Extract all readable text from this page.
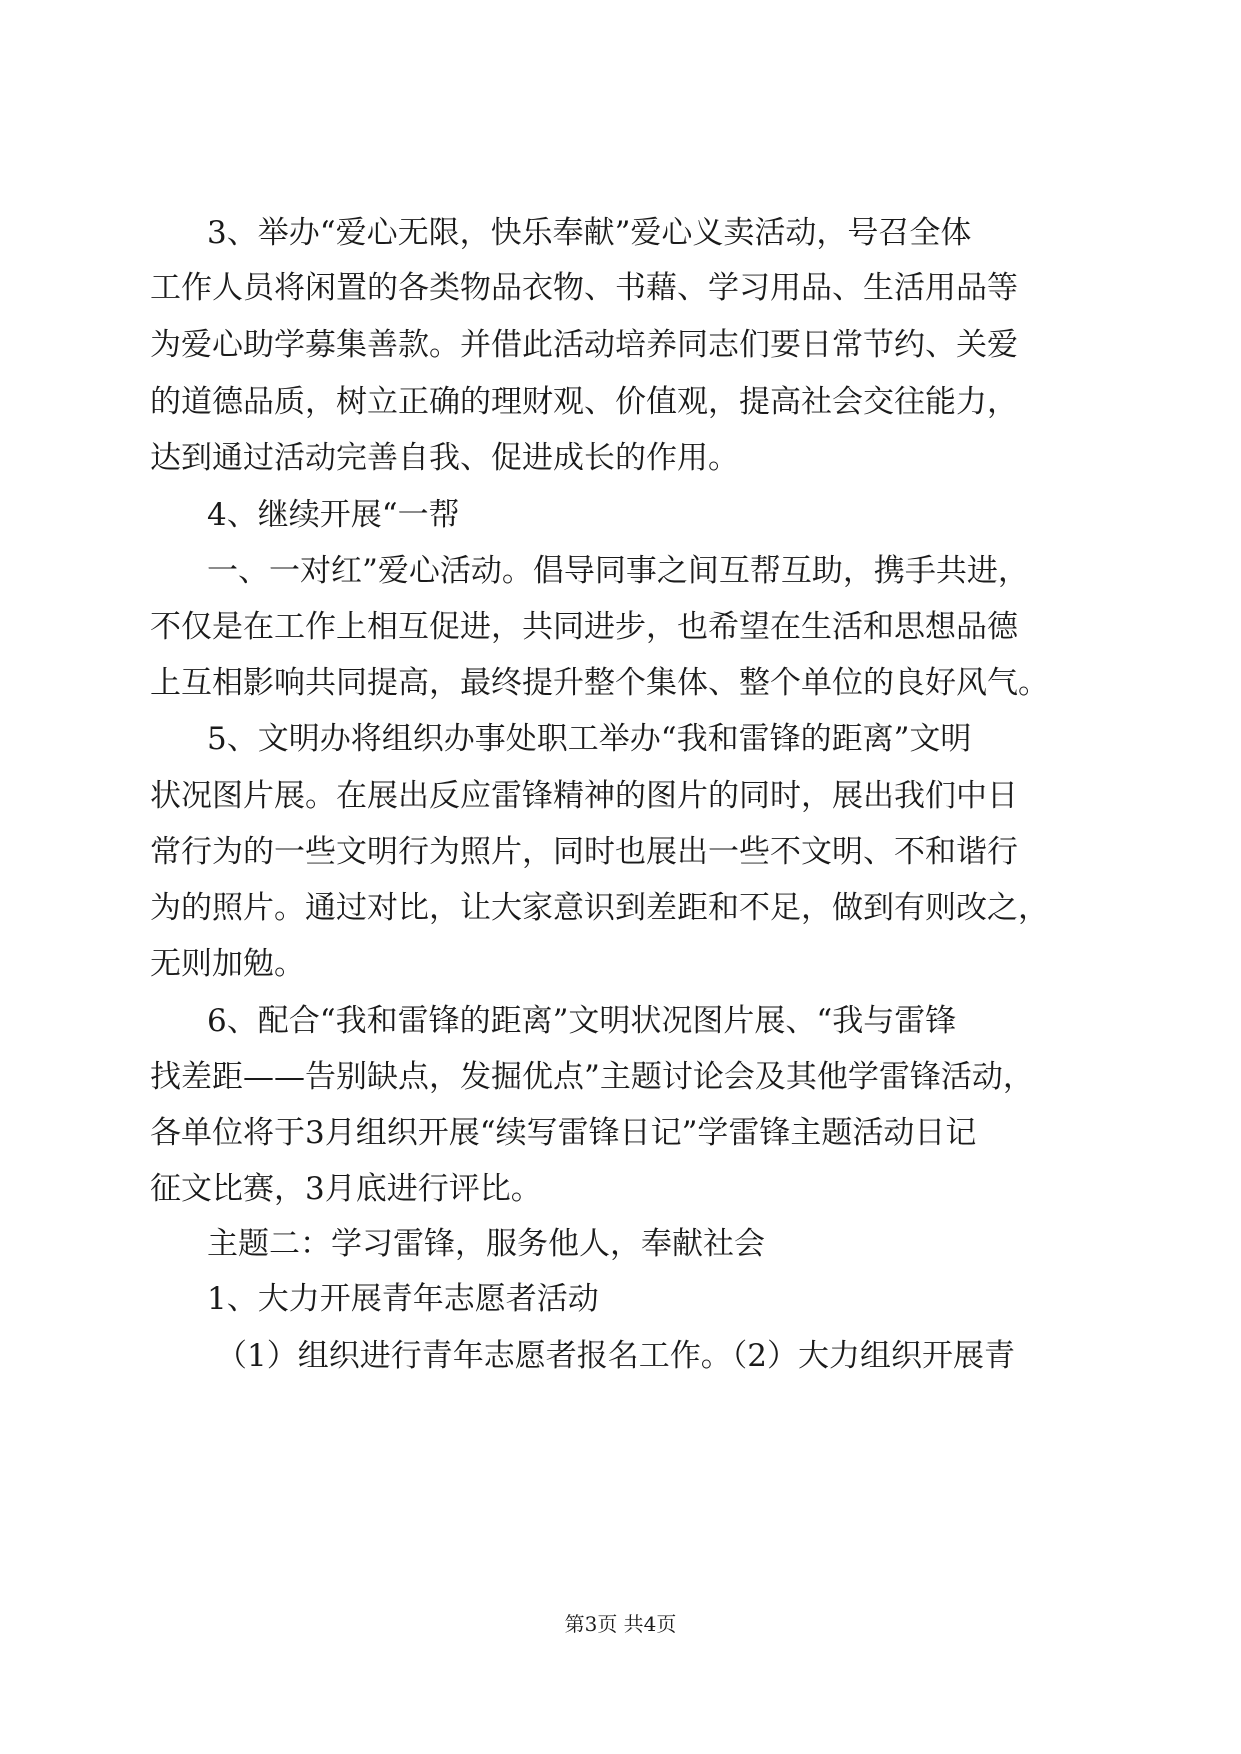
3、举办“爱心无限，快乐奉献”爱心义卖活动，号召全体
工作人员将闲置的各类物品衣物、书藉、学习用品、生活用品等
为爱心助学募集善款。并借此活动培养同志们要日常节约、关爱
的道德品质，树立正确的理财观、价值观，提高社会交往能力，
达到通过活动完善自我、促进成长的作用。
4、继续开展“一帮
一、一对红”爱心活动。倡导同事之间互帮互助，携手共进，
不仅是在工作上相互促进，共同进步，也希望在生活和思想品德
上互相影响共同提高，最终提升整个集体、整个单位的良好风气。
5、文明办将组织办事处职工举办“我和雷锋的距离”文明
状况图片展。在展出反应雷锋精神的图片的同时，展出我们中日
常行为的一些文明行为照片，同时也展出一些不文明、不和谐行
为的照片。通过对比，让大家意识到差距和不足，做到有则改之，
无则加勉。
6、配合“我和雷锋的距离”文明状况图片展、“我与雷锋
找差距——告别缺点，发掘优点”主题讨论会及其他学雷锋活动，
各单位将于3月组织开展“续写雷锋日记”学雷锋主题活动日记
征文比赛，3月底进行评比。
主题二：学习雷锋，服务他人，奉献社会
1、大力开展青年志愿者活动
（1）组织进行青年志愿者报名工作。（2）大力组织开展青
第3页 共4页
